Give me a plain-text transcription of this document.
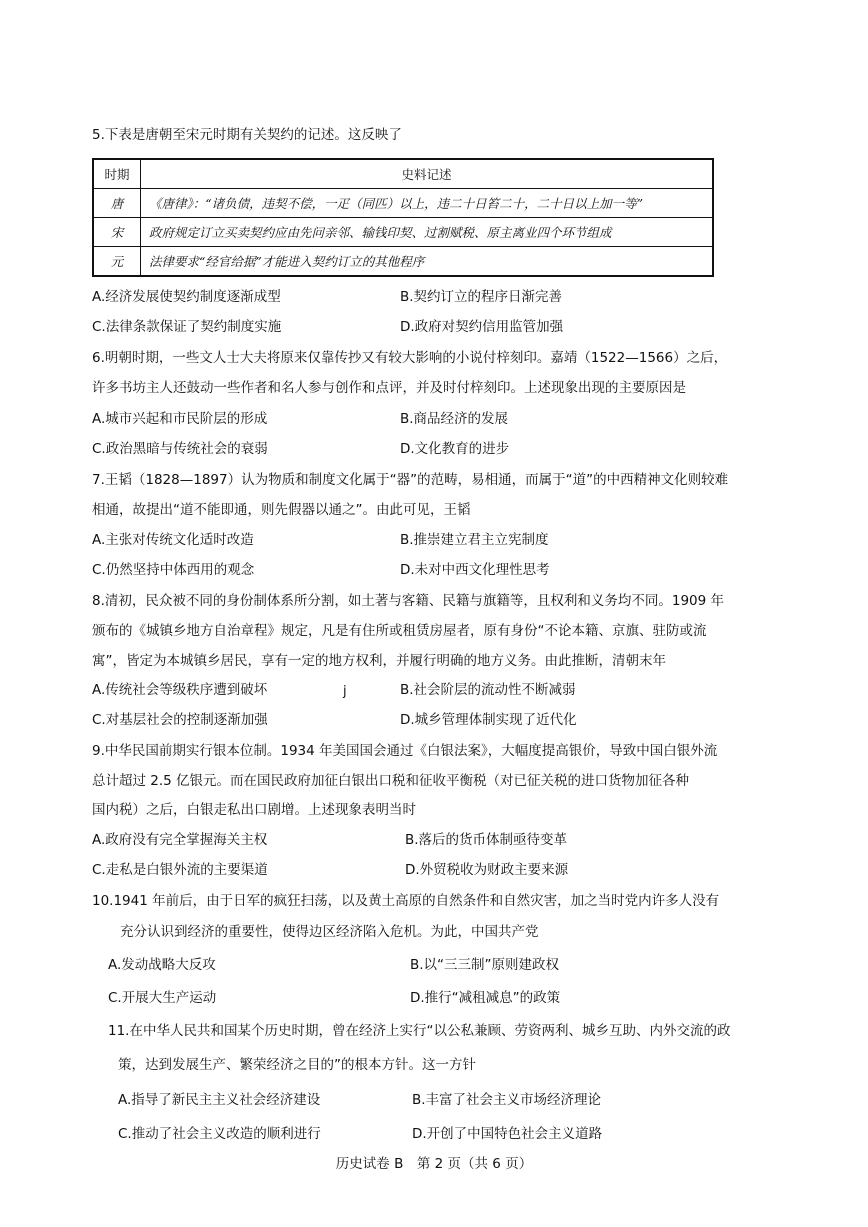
5.下表是唐朝至宋元时期有关契约的记述。这反映了
时期	史料记述
唐	《唐律》：“诸负债，违契不偿，一疋（同匹）以上，违二十日笞二十，二十日以上加一等”
宋	政府规定订立买卖契约应由先问亲邻、输钱印契、过割赋税、原主离业四个环节组成
元	法律要求“经官给据”才能进入契约订立的其他程序
A.经济发展使契约制度逐渐成型	B.契约订立的程序日渐完善
C.法律条款保证了契约制度实施	D.政府对契约信用监管加强
6.明朝时期，一些文人士大夫将原来仅靠传抄又有较大影响的小说付梓刻印。嘉靖（1522—1566）之后，
许多书坊主人还鼓动一些作者和名人参与创作和点评，并及时付梓刻印。上述现象出现的主要原因是
A.城市兴起和市民阶层的形成	B.商品经济的发展
C.政治黑暗与传统社会的衰弱	D.文化教育的进步
7.王韬（1828—1897）认为物质和制度文化属于“器”的范畴，易相通，而属于“道”的中西精神文化则较难
相通，故提出“道不能即通，则先假器以通之”。由此可见，王韬
A.主张对传统文化适时改造	B.推崇建立君主立宪制度
C.仍然坚持中体西用的观念	D.未对中西文化理性思考
8.清初，民众被不同的身份制体系所分割，如土著与客籍、民籍与旗籍等，且权利和义务均不同。1909 年
颁布的《城镇乡地方自治章程》规定，凡是有住所或租赁房屋者，原有身份“不论本籍、京旗、驻防或流
寓”，皆定为本城镇乡居民，享有一定的地方权利，并履行明确的地方义务。由此推断，清朝末年
A.传统社会等级秩序遭到破坏	j	B.社会阶层的流动性不断减弱
C.对基层社会的控制逐渐加强	D.城乡管理体制实现了近代化
9.中华民国前期实行银本位制。1934 年美国国会通过《白银法案》，大幅度提高银价，导致中国白银外流
总计超过 2.5 亿银元。而在国民政府加征白银出口税和征收平衡税（对已征关税的进口货物加征各种
国内税）之后，白银走私出口剧增。上述现象表明当时
A.政府没有完全掌握海关主权	B.落后的货币体制亟待变革
C.走私是白银外流的主要渠道	D.外贸税收为财政主要来源
10.1941 年前后，由于日军的疯狂扫荡，以及黄土高原的自然条件和自然灾害，加之当时党内许多人没有
充分认识到经济的重要性，使得边区经济陷入危机。为此，中国共产党
A.发动战略大反攻	B.以“三三制”原则建政权
C.开展大生产运动	D.推行“减租减息”的政策
11.在中华人民共和国某个历史时期，曾在经济上实行“以公私兼顾、劳资两利、城乡互助、内外交流的政
策，达到发展生产、繁荣经济之目的”的根本方针。这一方针
A.指导了新民主主义社会经济建设	B.丰富了社会主义市场经济理论
C.推动了社会主义改造的顺利进行	D.开创了中国特色社会主义道路
历史试卷 B　第 2 页（共 6 页）
